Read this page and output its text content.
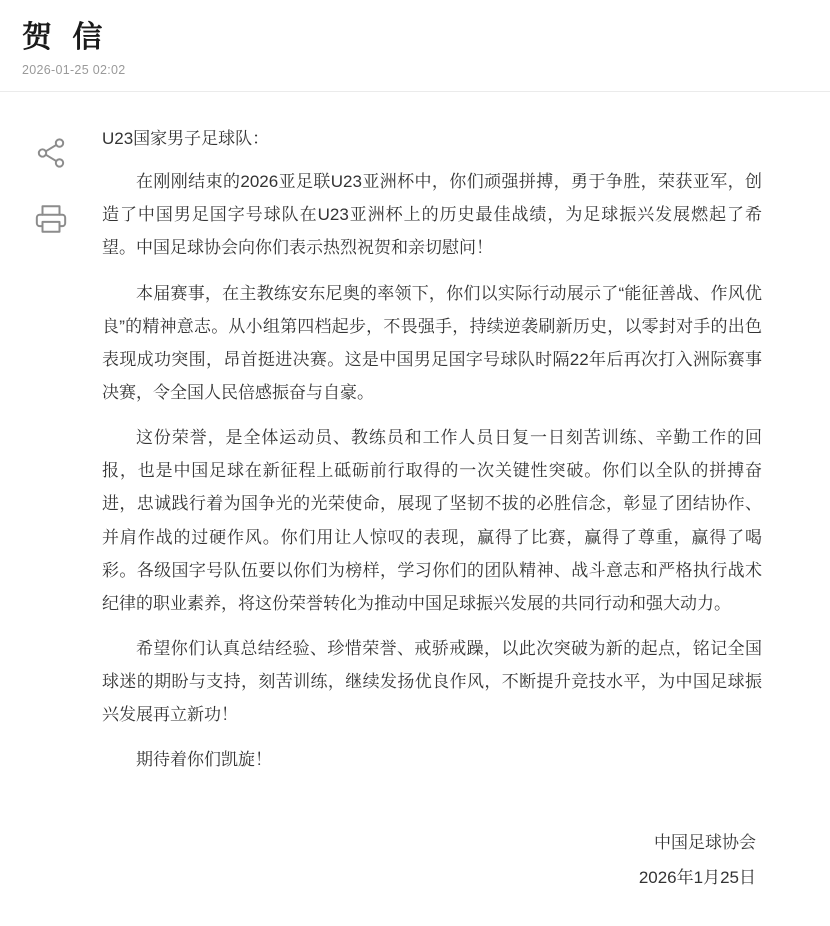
贺 信

2026-01-25 02:02

U23国家男子足球队：

在刚刚结束的2026亚足联U23亚洲杯中，你们顽强拼搏，勇于争胜，荣获亚军，创造了中国男足国字号球队在U23亚洲杯上的历史最佳战绩，为足球振兴发展燃起了希望。中国足球协会向你们表示热烈祝贺和亲切慰问！

本届赛事，在主教练安东尼奥的率领下，你们以实际行动展示了“能征善战、作风优良”的精神意志。从小组第四档起步，不畏强手，持续逆袭刷新历史，以零封对手的出色表现成功突围，昂首挺进决赛。这是中国男足国字号球队时隔22年后再次打入洲际赛事决赛，令全国人民倍感振奋与自豪。

这份荣誉，是全体运动员、教练员和工作人员日复一日刻苦训练、辛勤工作的回报，也是中国足球在新征程上砥砺前行取得的一次关键性突破。你们以全队的拼搏奋进，忠诚践行着为国争光的光荣使命，展现了坚韧不拔的必胜信念，彰显了团结协作、并肩作战的过硬作风。你们用让人惊叹的表现，赢得了比赛，赢得了尊重，赢得了喝彩。各级国字号队伍要以你们为榜样，学习你们的团队精神、战斗意志和严格执行战术纪律的职业素养，将这份荣誉转化为推动中国足球振兴发展的共同行动和强大动力。

希望你们认真总结经验、珍惜荣誉、戒骄戒躁，以此次突破为新的起点，铭记全国球迷的期盼与支持，刻苦训练，继续发扬优良作风，不断提升竞技水平，为中国足球振兴发展再立新功！

期待着你们凯旋！

中国足球协会

2026年1月25日
